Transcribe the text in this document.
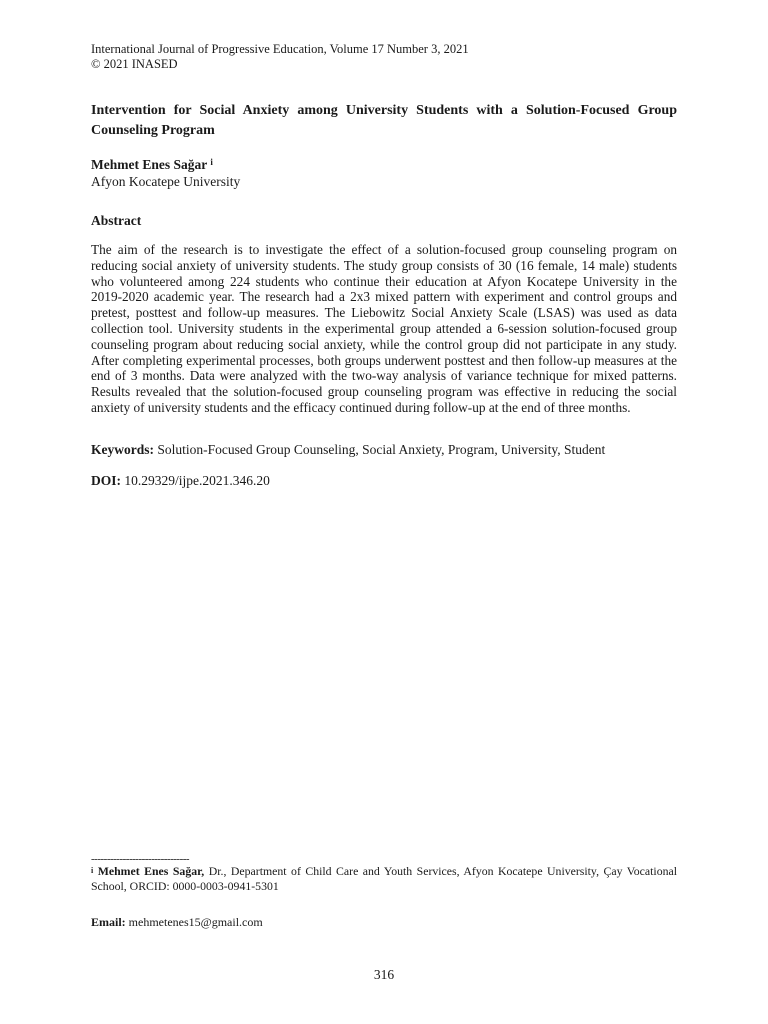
International Journal of Progressive Education, Volume 17 Number 3, 2021
© 2021 INASED
Intervention for Social Anxiety among University Students with a Solution-Focused Group Counseling Program
Mehmet Enes Sağar $^i$
Afyon Kocatepe University
Abstract
The aim of the research is to investigate the effect of a solution-focused group counseling program on reducing social anxiety of university students. The study group consists of 30 (16 female, 14 male) students who volunteered among 224 students who continue their education at Afyon Kocatepe University in the 2019-2020 academic year. The research had a 2x3 mixed pattern with experiment and control groups and pretest, posttest and follow-up measures. The Liebowitz Social Anxiety Scale (LSAS) was used as data collection tool. University students in the experimental group attended a 6-session solution-focused group counseling program about reducing social anxiety, while the control group did not participate in any study. After completing experimental processes, both groups underwent posttest and then follow-up measures at the end of 3 months. Data were analyzed with the two-way analysis of variance technique for mixed patterns. Results revealed that the solution-focused group counseling program was effective in reducing the social anxiety of university students and the efficacy continued during follow-up at the end of three months.
Keywords: Solution-Focused Group Counseling, Social Anxiety, Program, University, Student
DOI: 10.29329/ijpe.2021.346.20
-------------------------------
$^i$ Mehmet Enes Sağar, Dr., Department of Child Care and Youth Services, Afyon Kocatepe University, Çay Vocational School, ORCID: 0000-0003-0941-5301
Email: mehmetenes15@gmail.com
316
